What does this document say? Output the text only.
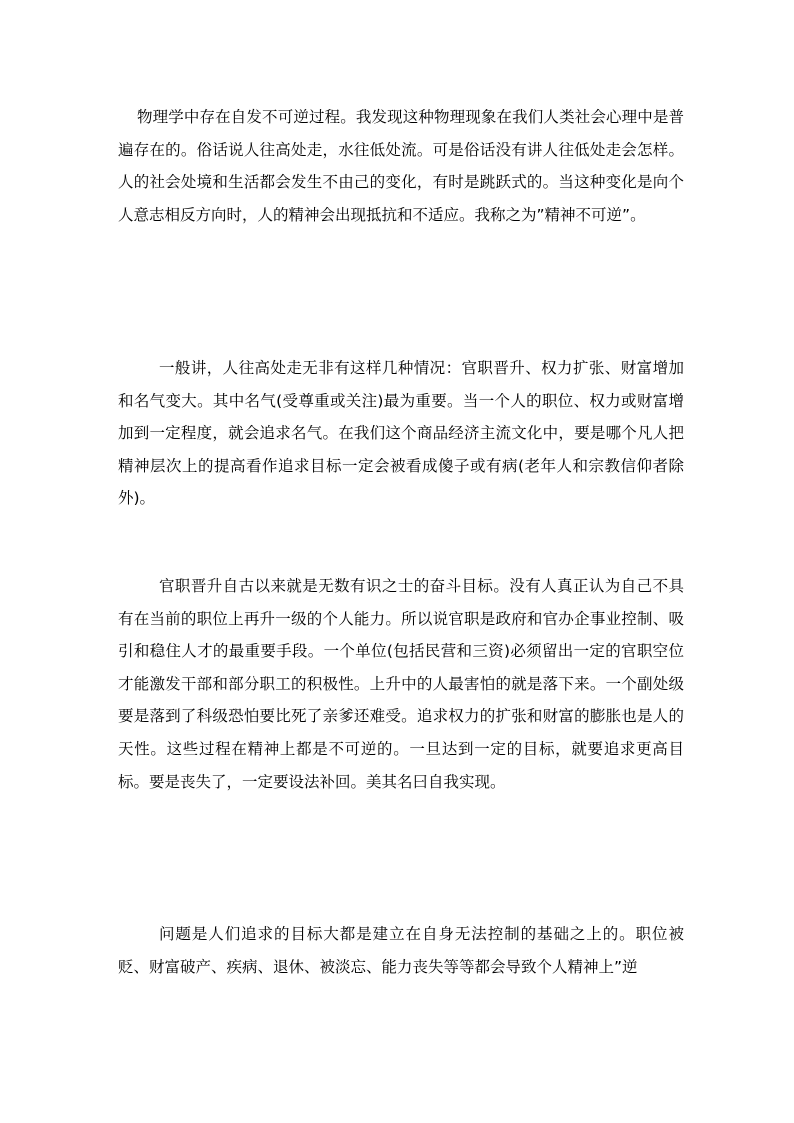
物理学中存在自发不可逆过程。我发现这种物理现象在我们人类社会心理中是普遍存在的。俗话说人往高处走，水往低处流。可是俗话没有讲人往低处走会怎样。人的社会处境和生活都会发生不由己的变化，有时是跳跃式的。当这种变化是向个人意志相反方向时，人的精神会出现抵抗和不适应。我称之为”精神不可逆”。

一般讲，人往高处走无非有这样几种情况：官职晋升、权力扩张、财富增加和名气变大。其中名气(受尊重或关注)最为重要。当一个人的职位、权力或财富增加到一定程度，就会追求名气。在我们这个商品经济主流文化中，要是哪个凡人把精神层次上的提高看作追求目标一定会被看成傻子或有病(老年人和宗教信仰者除外)。

官职晋升自古以来就是无数有识之士的奋斗目标。没有人真正认为自己不具有在当前的职位上再升一级的个人能力。所以说官职是政府和官办企事业控制、吸引和稳住人才的最重要手段。一个单位(包括民营和三资)必须留出一定的官职空位才能激发干部和部分职工的积极性。上升中的人最害怕的就是落下来。一个副处级要是落到了科级恐怕要比死了亲爹还难受。追求权力的扩张和财富的膨胀也是人的天性。这些过程在精神上都是不可逆的。一旦达到一定的目标，就要追求更高目标。要是丧失了，一定要设法补回。美其名曰自我实现。

问题是人们追求的目标大都是建立在自身无法控制的基础之上的。职位被贬、财富破产、疾病、退休、被淡忘、能力丧失等等都会导致个人精神上”逆
